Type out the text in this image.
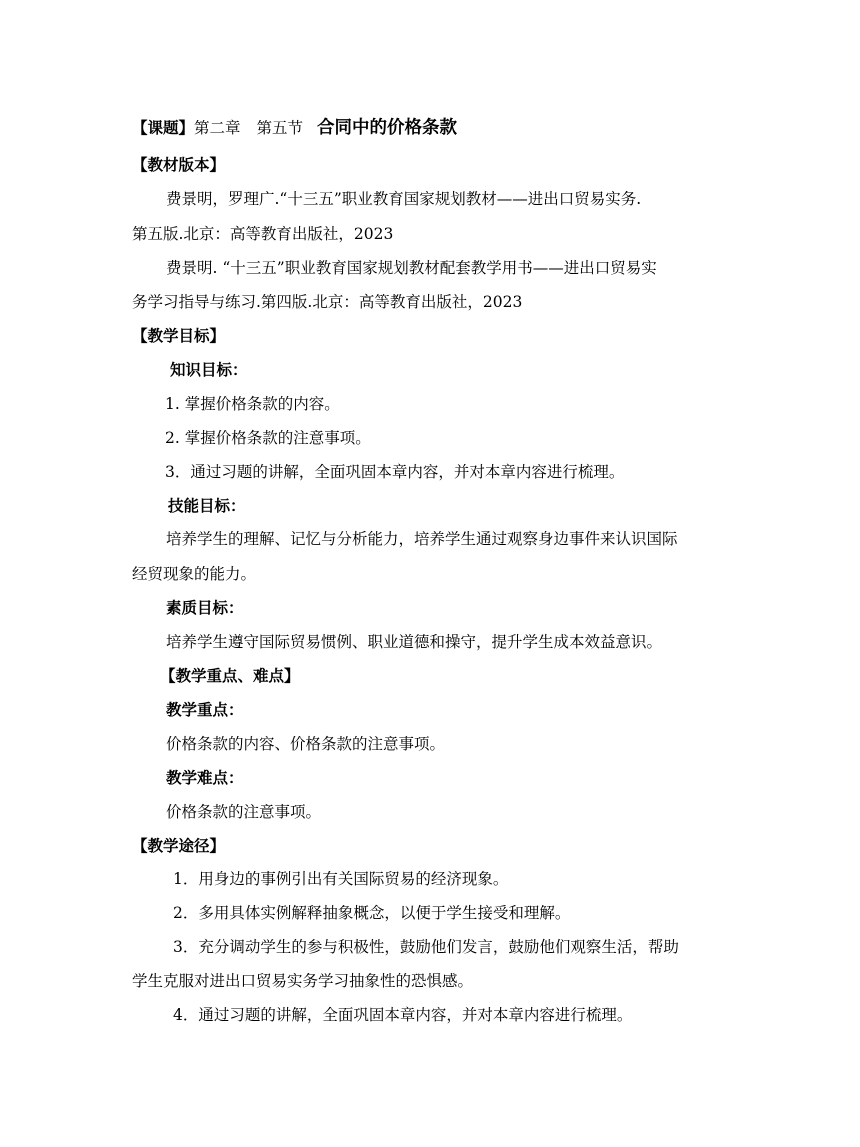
【课题】第二章 第五节 合同中的价格条款
【教材版本】
费景明，罗理广.“十三五”职业教育国家规划教材——进出口贸易实务.
第五版.北京：高等教育出版社，2023
费景明. “十三五”职业教育国家规划教材配套教学用书——进出口贸易实
务学习指导与练习.第四版.北京：高等教育出版社，2023
【教学目标】
知识目标：
1. 掌握价格条款的内容。
2. 掌握价格条款的注意事项。
3．通过习题的讲解，全面巩固本章内容，并对本章内容进行梳理。
技能目标：
培养学生的理解、记忆与分析能力，培养学生通过观察身边事件来认识国际
经贸现象的能力。
素质目标：
培养学生遵守国际贸易惯例、职业道德和操守，提升学生成本效益意识。
【教学重点、难点】
教学重点：
价格条款的内容、价格条款的注意事项。
教学难点：
价格条款的注意事项。
【教学途径】
1．用身边的事例引出有关国际贸易的经济现象。
2．多用具体实例解释抽象概念，以便于学生接受和理解。
3．充分调动学生的参与积极性，鼓励他们发言，鼓励他们观察生活，帮助
学生克服对进出口贸易实务学习抽象性的恐惧感。
4．通过习题的讲解，全面巩固本章内容，并对本章内容进行梳理。
